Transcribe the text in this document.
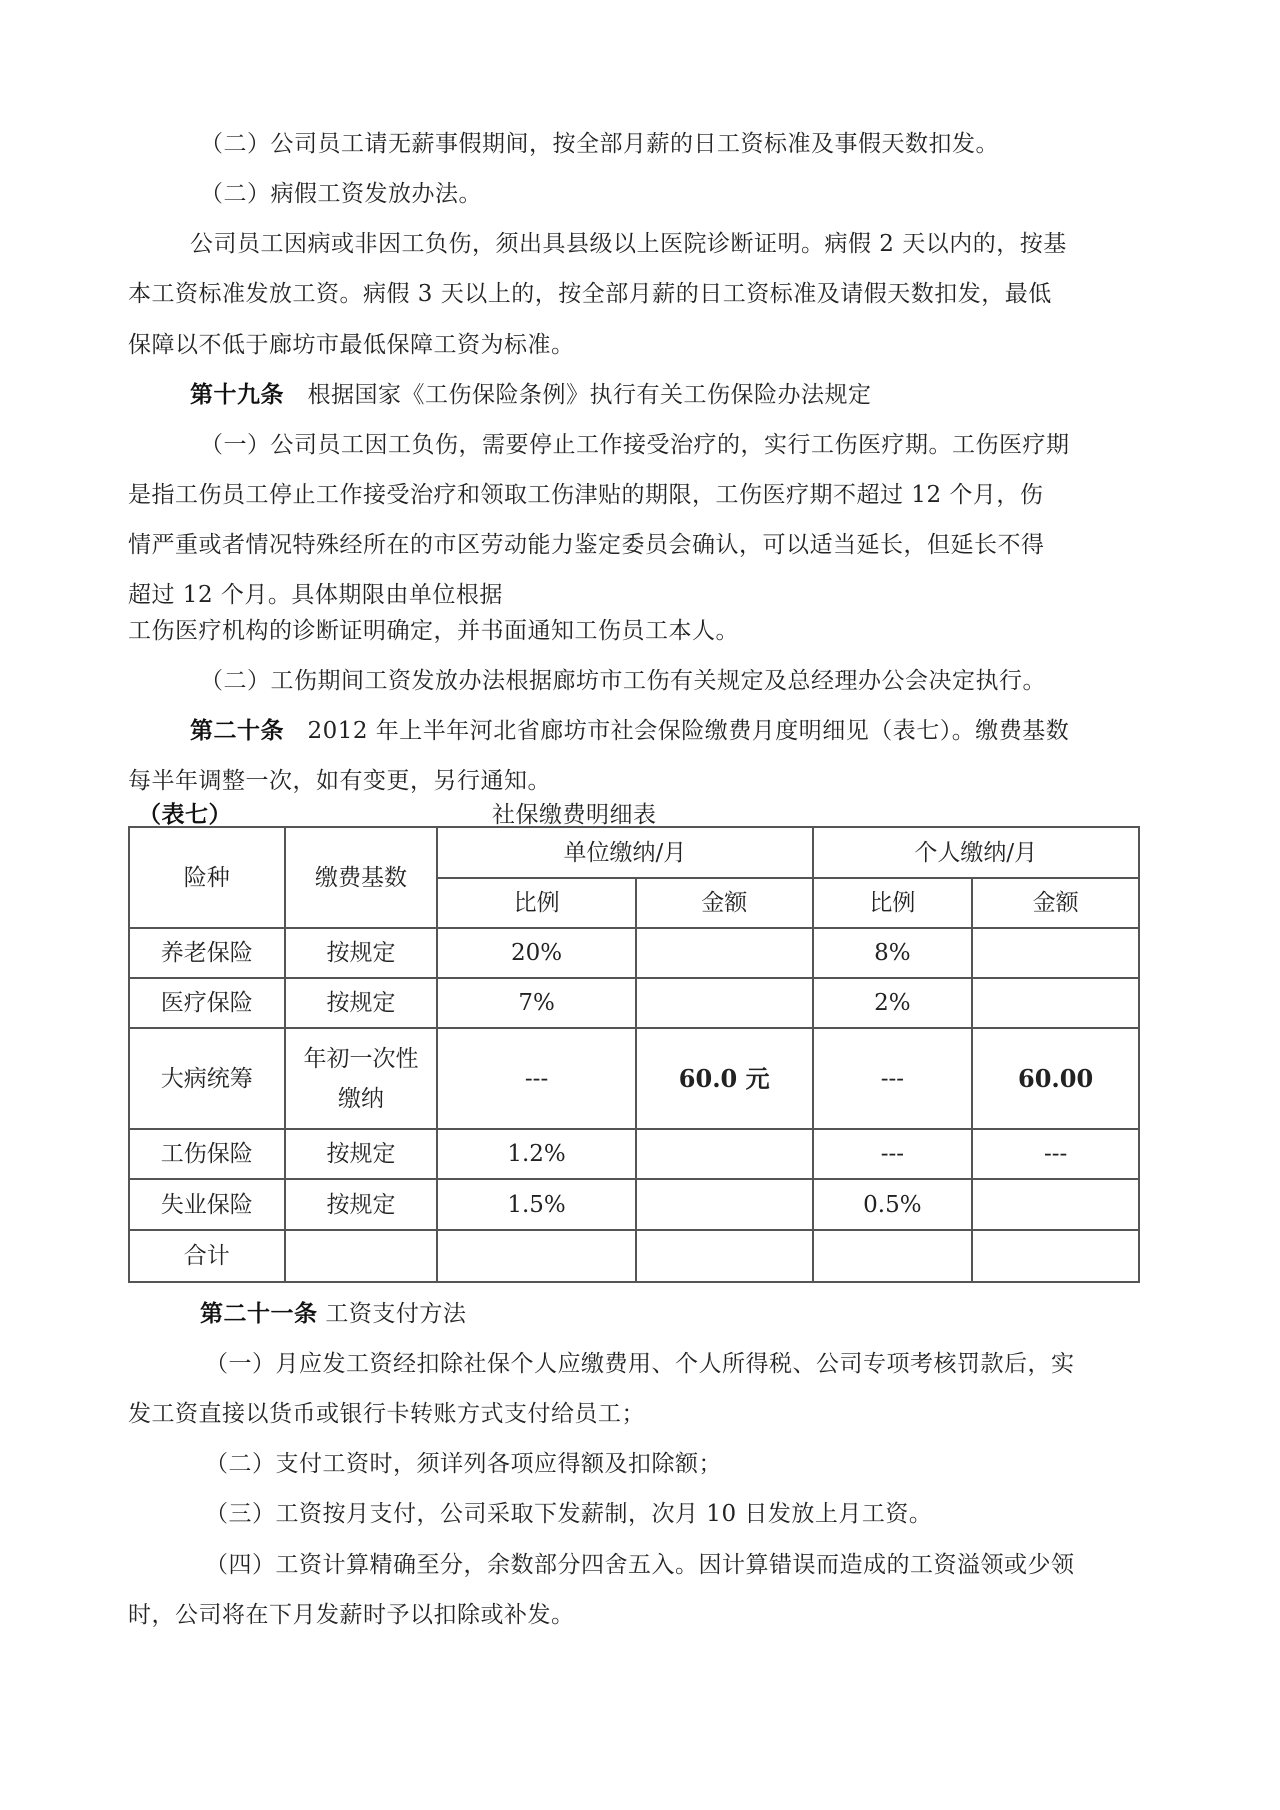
（二）公司员工请无薪事假期间，按全部月薪的日工资标准及事假天数扣发。
（二）病假工资发放办法。
公司员工因病或非因工负伤，须出具县级以上医院诊断证明。病假 2 天以内的，按基
本工资标准发放工资。病假 3 天以上的，按全部月薪的日工资标准及请假天数扣发，最低
保障以不低于廊坊市最低保障工资为标准。
第十九条 根据国家《工伤保险条例》执行有关工伤保险办法规定
（一）公司员工因工负伤，需要停止工作接受治疗的，实行工伤医疗期。工伤医疗期
是指工伤员工停止工作接受治疗和领取工伤津贴的期限，工伤医疗期不超过 12 个月，伤
情严重或者情况特殊经所在的市区劳动能力鉴定委员会确认，可以适当延长，但延长不得
超过 12 个月。具体期限由单位根据
工伤医疗机构的诊断证明确定，并书面通知工伤员工本人。
（二）工伤期间工资发放办法根据廊坊市工伤有关规定及总经理办公会决定执行。
第二十条 2012 年上半年河北省廊坊市社会保险缴费月度明细见（表七）。缴费基数
每半年调整一次，如有变更，另行通知。
（表七）	社保缴费明细表
险种	缴费基数	单位缴纳/月		个人缴纳/月	
		比例	金额	比例	金额
养老保险	按规定	20%		8%	
医疗保险	按规定	7%		2%	
大病统筹	年初一次性缴纳	---	60.0 元	---	60.00
工伤保险	按规定	1.2%		---	---
失业保险	按规定	1.5%		0.5%	
合计					
第二十一条 工资支付方法
（一）月应发工资经扣除社保个人应缴费用、个人所得税、公司专项考核罚款后，实
发工资直接以货币或银行卡转账方式支付给员工；
（二）支付工资时，须详列各项应得额及扣除额；
（三）工资按月支付，公司采取下发薪制，次月 10 日发放上月工资。
（四）工资计算精确至分，余数部分四舍五入。因计算错误而造成的工资溢领或少领
时，公司将在下月发薪时予以扣除或补发。
